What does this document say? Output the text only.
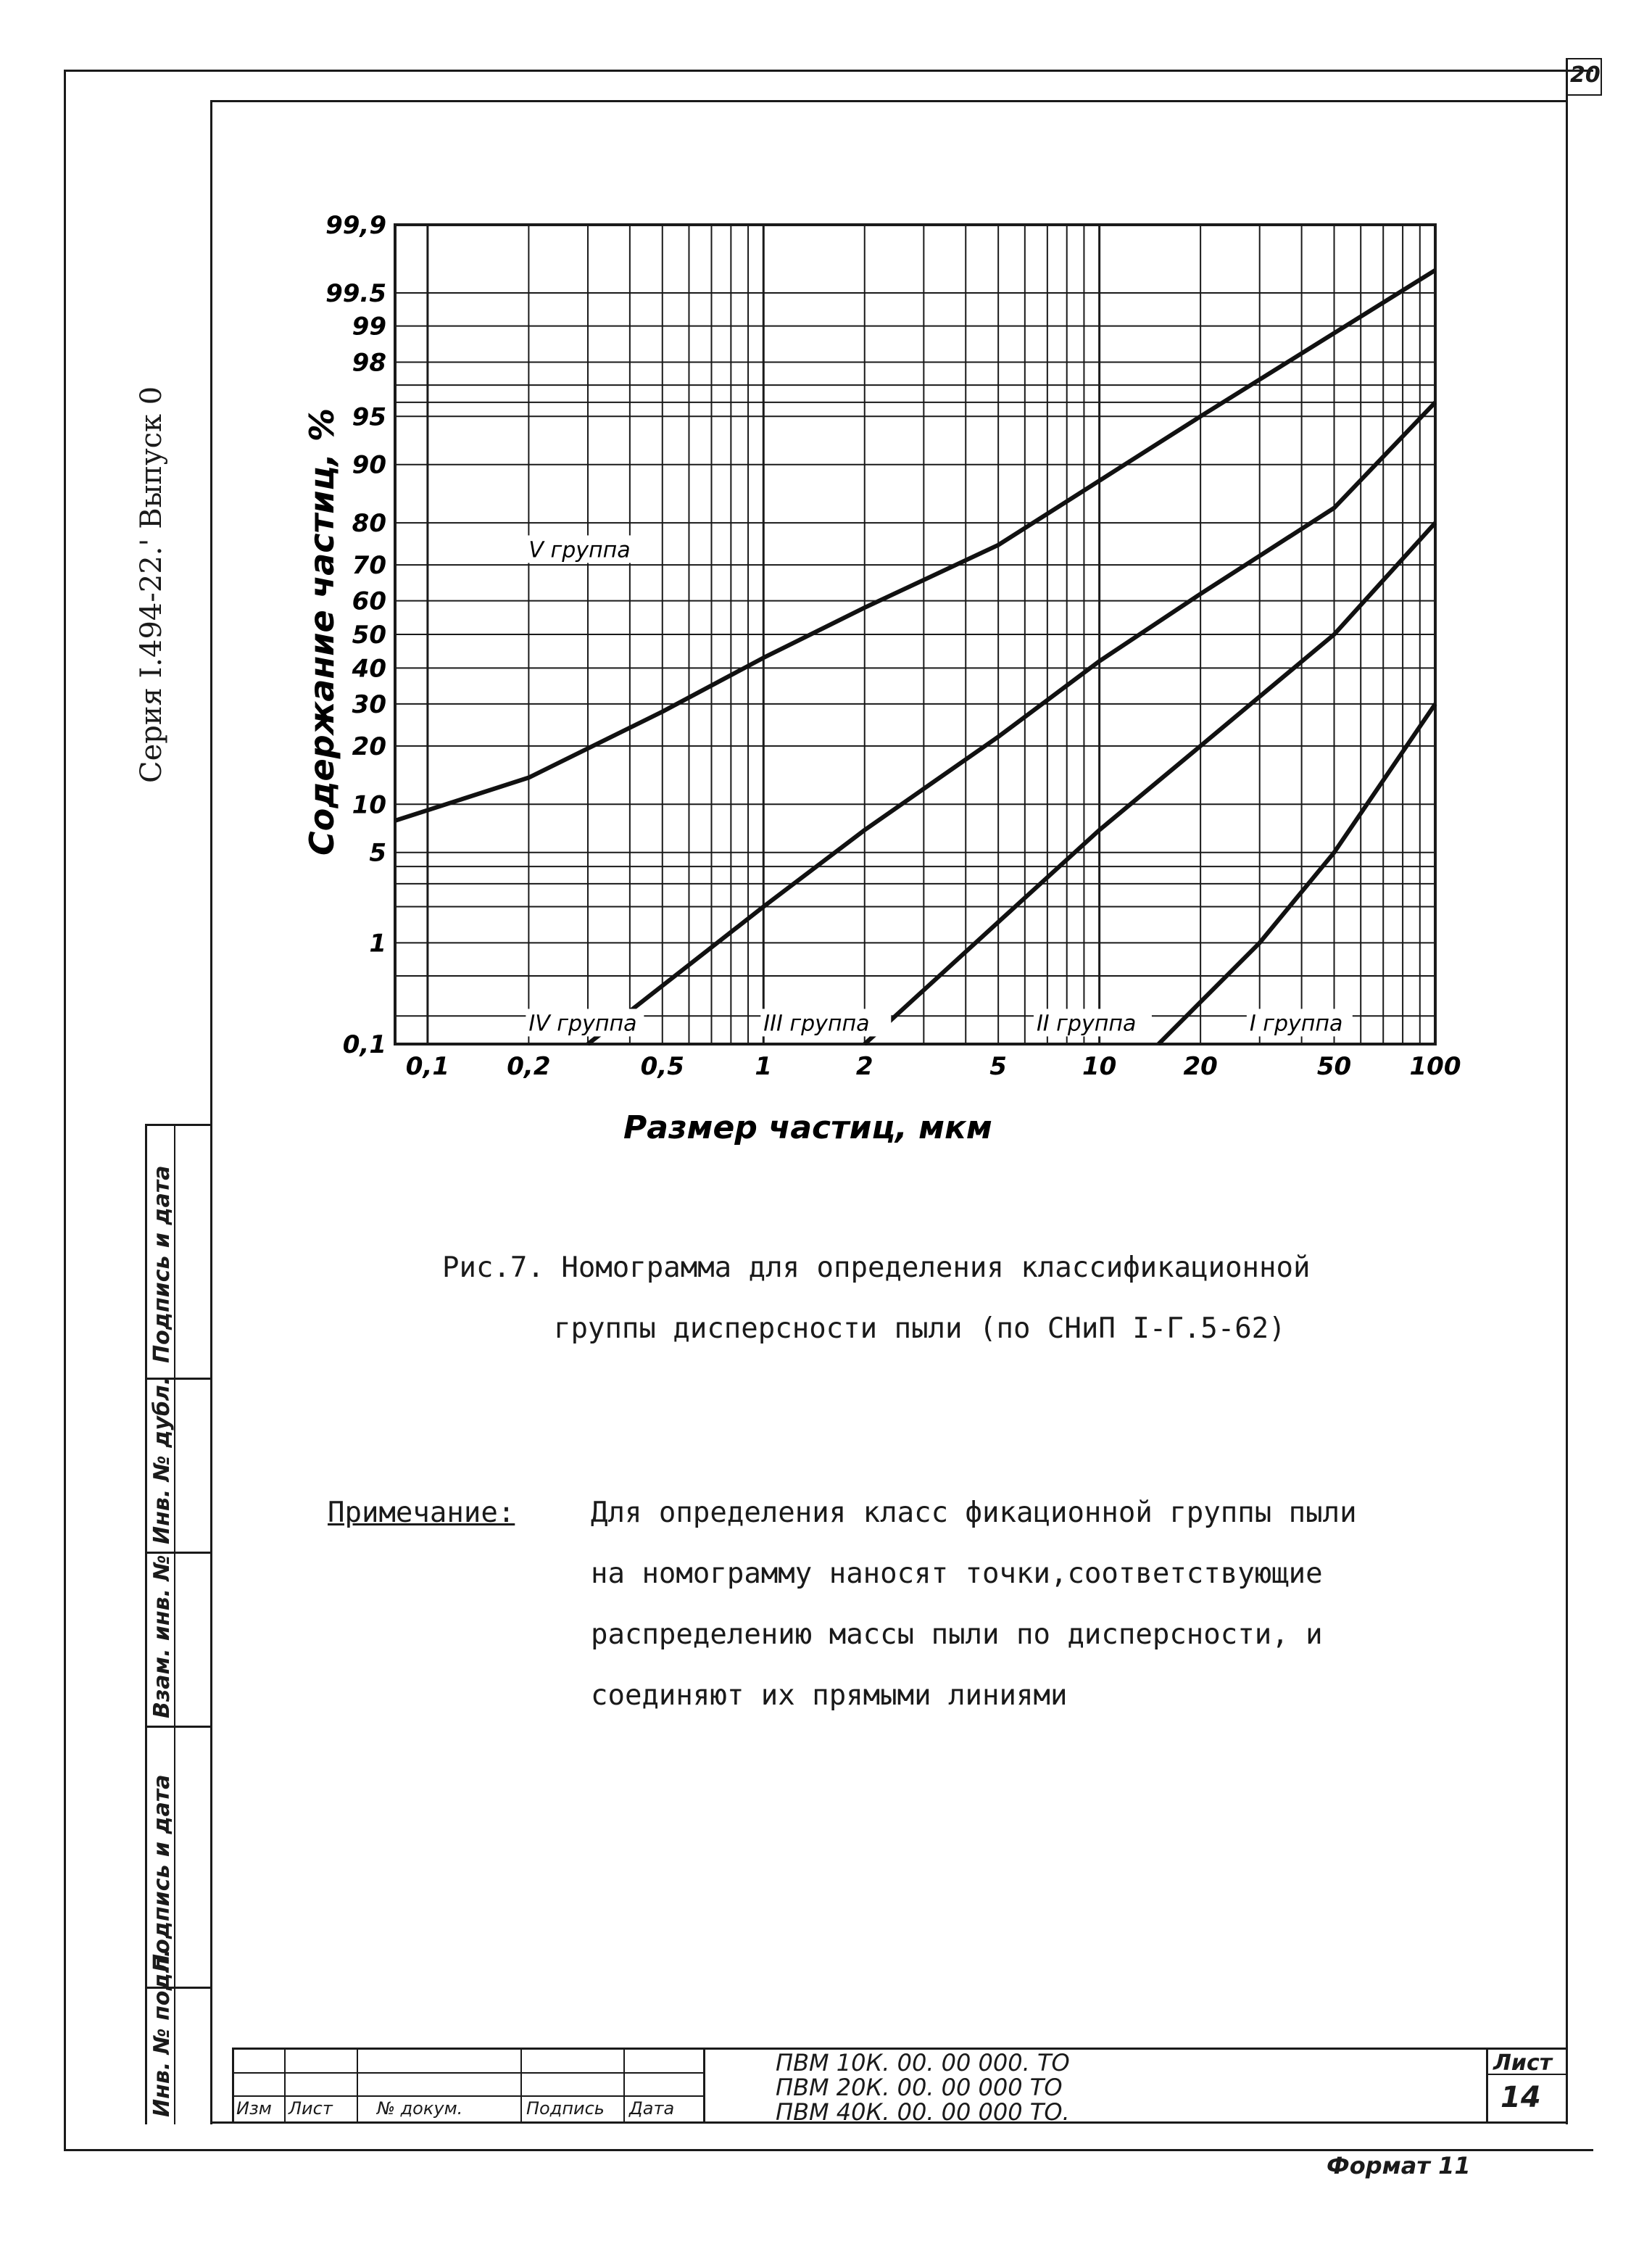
20
Серия I.494-22.' Выпуск 0
Подпись и дата
Инв. № дубл.
Взам. инв. №
Подпись и дата
Инв. № подл.
0,1
1
5
10
20
30
40
50
60
70
80
90
95
98
99
99.5
99,9
0,1 0,2	0,5	1	2	5	10	20	50 100
V группа
IV группа	III группа	II группа	I группа
Содержание частиц, %
Размер частиц, мкм
Рис.7. Номограмма для определения классификационной
группы дисперсности пыли (по СНиП I-Г.5-62)
Примечание:	Для определения класс фикационной группы пыли
на номограмму наносят точки,соответствующие
распределению массы пыли по дисперсности, и
соединяют их прямыми линиями
Изм Лист	№ докум.	Подпись Дата
ПВМ 10К. 00. 00 000. ТО
ПВМ 20К. 00. 00 000 ТО
ПВМ 40К. 00. 00 000 ТО.
Лист
14
Формат 11
